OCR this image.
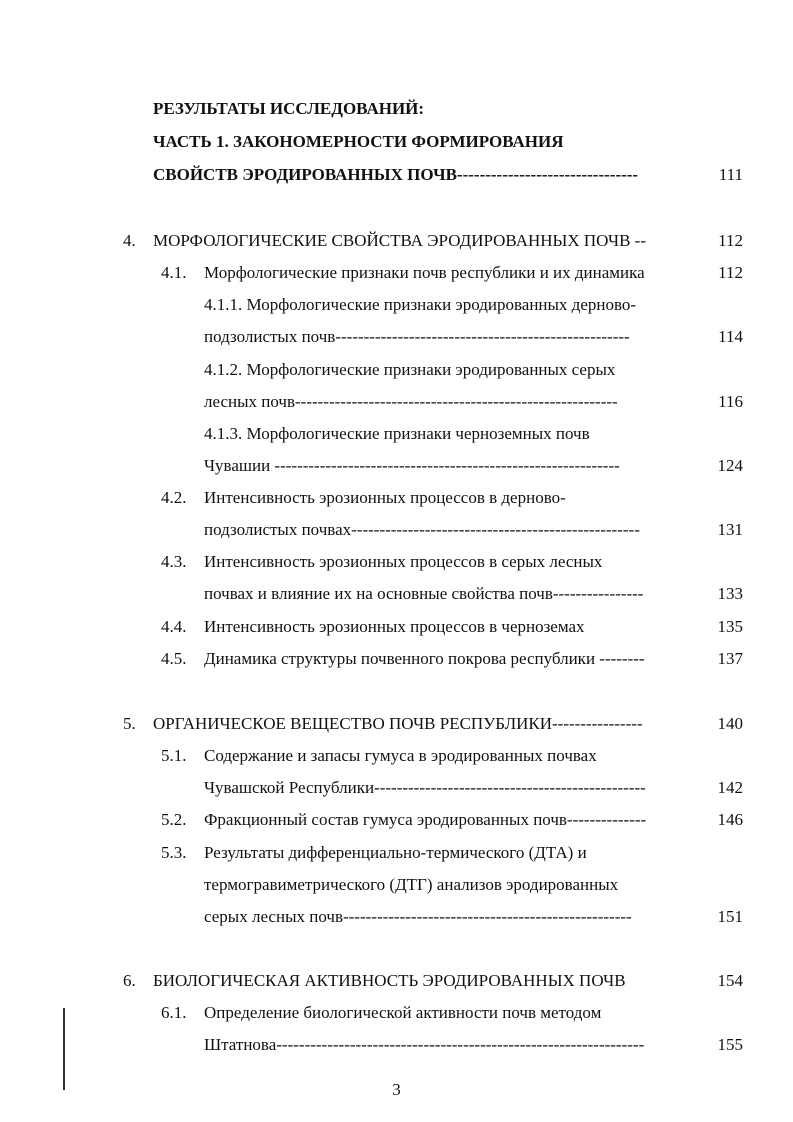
РЕЗУЛЬТАТЫ ИССЛЕДОВАНИЙ:
ЧАСТЬ 1. ЗАКОНОМЕРНОСТИ ФОРМИРОВАНИЯ
СВОЙСТВ ЭРОДИРОВАННЫХ ПОЧВ--------------------------------	111
4. МОРФОЛОГИЧЕСКИЕ СВОЙСТВА ЭРОДИРОВАННЫХ ПОЧВ --	112
4.1. Морфологические признаки почв республики и их динамика	112
4.1.1. Морфологические признаки эродированных дерново-
подзолистых почв----------------------------------------------------	114
4.1.2. Морфологические признаки эродированных серых
лесных почв---------------------------------------------------------	116
4.1.3. Морфологические признаки черноземных почв
Чувашии -------------------------------------------------------------	124
4.2. Интенсивность эрозионных процессов в дерново-
подзолистых почвах---------------------------------------------------	131
4.3. Интенсивность эрозионных процессов в серых лесных
почвах и влияние их на основные свойства почв----------------	133
4.4. Интенсивность эрозионных процессов в черноземах	135
4.5. Динамика структуры почвенного покрова республики --------	137
5. ОРГАНИЧЕСКОЕ ВЕЩЕСТВО ПОЧВ РЕСПУБЛИКИ----------------	140
5.1. Содержание и запасы гумуса в эродированных почвах
Чувашской Республики------------------------------------------------	142
5.2. Фракционный состав гумуса эродированных почв--------------	146
5.3. Результаты дифференциально-термического (ДТА) и
термогравиметрического (ДТГ) анализов эродированных
серых лесных почв---------------------------------------------------	151
6. БИОЛОГИЧЕСКАЯ АКТИВНОСТЬ ЭРОДИРОВАННЫХ ПОЧВ	154
6.1. Определение биологической активности почв методом
Штатнова-----------------------------------------------------------------	155
3
